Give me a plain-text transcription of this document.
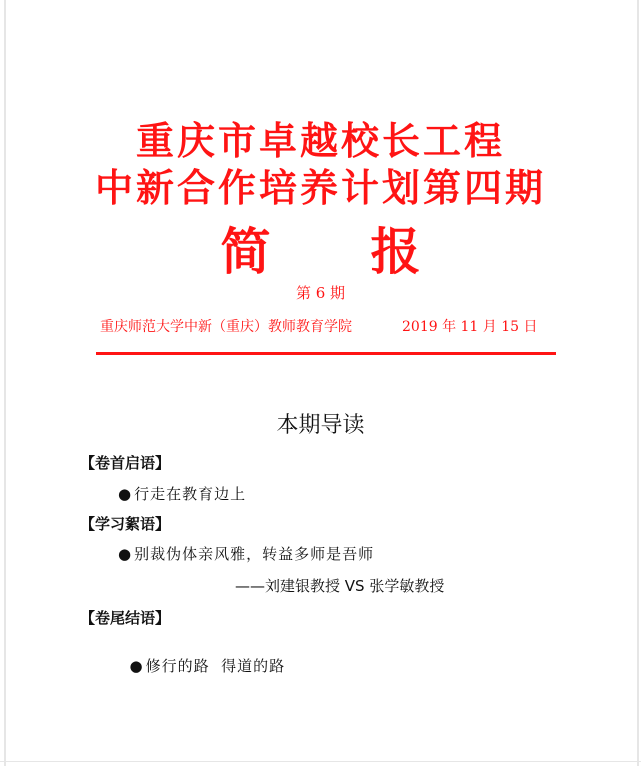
重庆市卓越校长工程
中新合作培养计划第四期
简 报
第 6 期
重庆师范大学中新（重庆）教师教育学院	2019 年 11 月 15 日
本期导读
【卷首启语】
● 行走在教育边上
【学习絮语】
● 别裁伪体亲风雅，转益多师是吾师
——刘建银教授 VS 张学敏教授
【卷尾结语】

● 修行的路  得道的路
